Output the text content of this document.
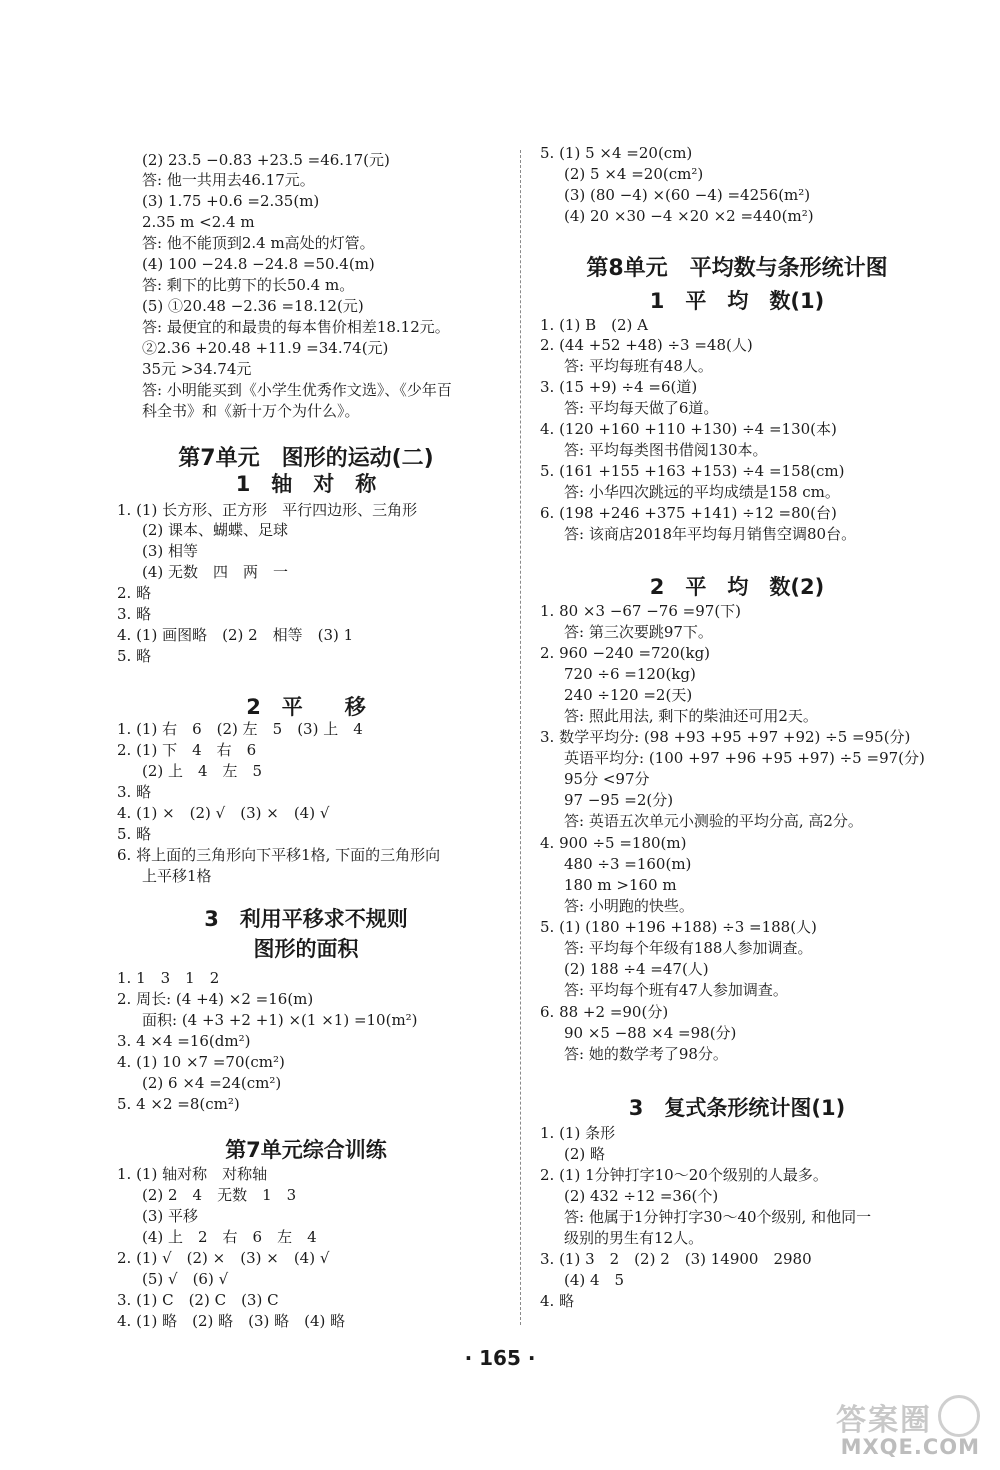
(2) 23.5 −0.83 +23.5 =46.17(元)
答: 他一共用去46.17元。
(3) 1.75 +0.6 =2.35(m)
2.35 m <2.4 m
答: 他不能顶到2.4 m高处的灯管。
(4) 100 −24.8 −24.8 =50.4(m)
答: 剩下的比剪下的长50.4 m。
(5) ①20.48 −2.36 =18.12(元)
答: 最便宜的和最贵的每本售价相差18.12元。
②2.36 +20.48 +11.9 =34.74(元)
35元 >34.74元
答: 小明能买到《小学生优秀作文选》、《少年百
科全书》和《新十万个为什么》。
第7单元　图形的运动(二)
1　轴　对　称
1. (1) 长方形、正方形　平行四边形、三角形
(2) 课本、蝴蝶、足球
(3) 相等
(4) 无数　四　两　一
2. 略
3. 略
4. (1) 画图略　(2) 2　相等　(3) 1
5. 略
2　平　　移
1. (1) 右　6　(2) 左　5　(3) 上　4
2. (1) 下　4　右　6
(2) 上　4　左　5
3. 略
4. (1) ×　(2) √　(3) ×　(4) √
5. 略
6. 将上面的三角形向下平移1格, 下面的三角形向
上平移1格
3　利用平移求不规则
图形的面积
1. 1　3　1　2
2. 周长: (4 +4) ×2 =16(m)
面积: (4 +3 +2 +1) ×(1 ×1) =10(m²)
3. 4 ×4 =16(dm²)
4. (1) 10 ×7 =70(cm²)
(2) 6 ×4 =24(cm²)
5. 4 ×2 =8(cm²)
第7单元综合训练
1. (1) 轴对称　对称轴
(2) 2　4　无数　1　3
(3) 平移
(4) 上　2　右　6　左　4
2. (1) √　(2) ×　(3) ×　(4) √
(5) √　(6) √
3. (1) C　(2) C　(3) C
4. (1) 略　(2) 略　(3) 略　(4) 略
5. (1) 5 ×4 =20(cm)
(2) 5 ×4 =20(cm²)
(3) (80 −4) ×(60 −4) =4256(m²)
(4) 20 ×30 −4 ×20 ×2 =440(m²)
第8单元　平均数与条形统计图
1　平　均　数(1)
1. (1) B　(2) A
2. (44 +52 +48) ÷3 =48(人)
答: 平均每班有48人。
3. (15 +9) ÷4 =6(道)
答: 平均每天做了6道。
4. (120 +160 +110 +130) ÷4 =130(本)
答: 平均每类图书借阅130本。
5. (161 +155 +163 +153) ÷4 =158(cm)
答: 小华四次跳远的平均成绩是158 cm。
6. (198 +246 +375 +141) ÷12 =80(台)
答: 该商店2018年平均每月销售空调80台。
2　平　均　数(2)
1. 80 ×3 −67 −76 =97(下)
答: 第三次要跳97下。
2. 960 −240 =720(kg)
720 ÷6 =120(kg)
240 ÷120 =2(天)
答: 照此用法, 剩下的柴油还可用2天。
3. 数学平均分: (98 +93 +95 +97 +92) ÷5 =95(分)
英语平均分: (100 +97 +96 +95 +97) ÷5 =97(分)
95分 <97分
97 −95 =2(分)
答: 英语五次单元小测验的平均分高, 高2分。
4. 900 ÷5 =180(m)
480 ÷3 =160(m)
180 m >160 m
答: 小明跑的快些。
5. (1) (180 +196 +188) ÷3 =188(人)
答: 平均每个年级有188人参加调查。
(2) 188 ÷4 =47(人)
答: 平均每个班有47人参加调查。
6. 88 +2 =90(分)
90 ×5 −88 ×4 =98(分)
答: 她的数学考了98分。
3　复式条形统计图(1)
1. (1) 条形
(2) 略
2. (1) 1分钟打字10～20个级别的人最多。
(2) 432 ÷12 =36(个)
答: 他属于1分钟打字30～40个级别, 和他同一
级别的男生有12人。
3. (1) 3　2　(2) 2　(3) 14900　2980
(4) 4　5
4. 略
· 165 ·
答案圈
MXQE.COM
